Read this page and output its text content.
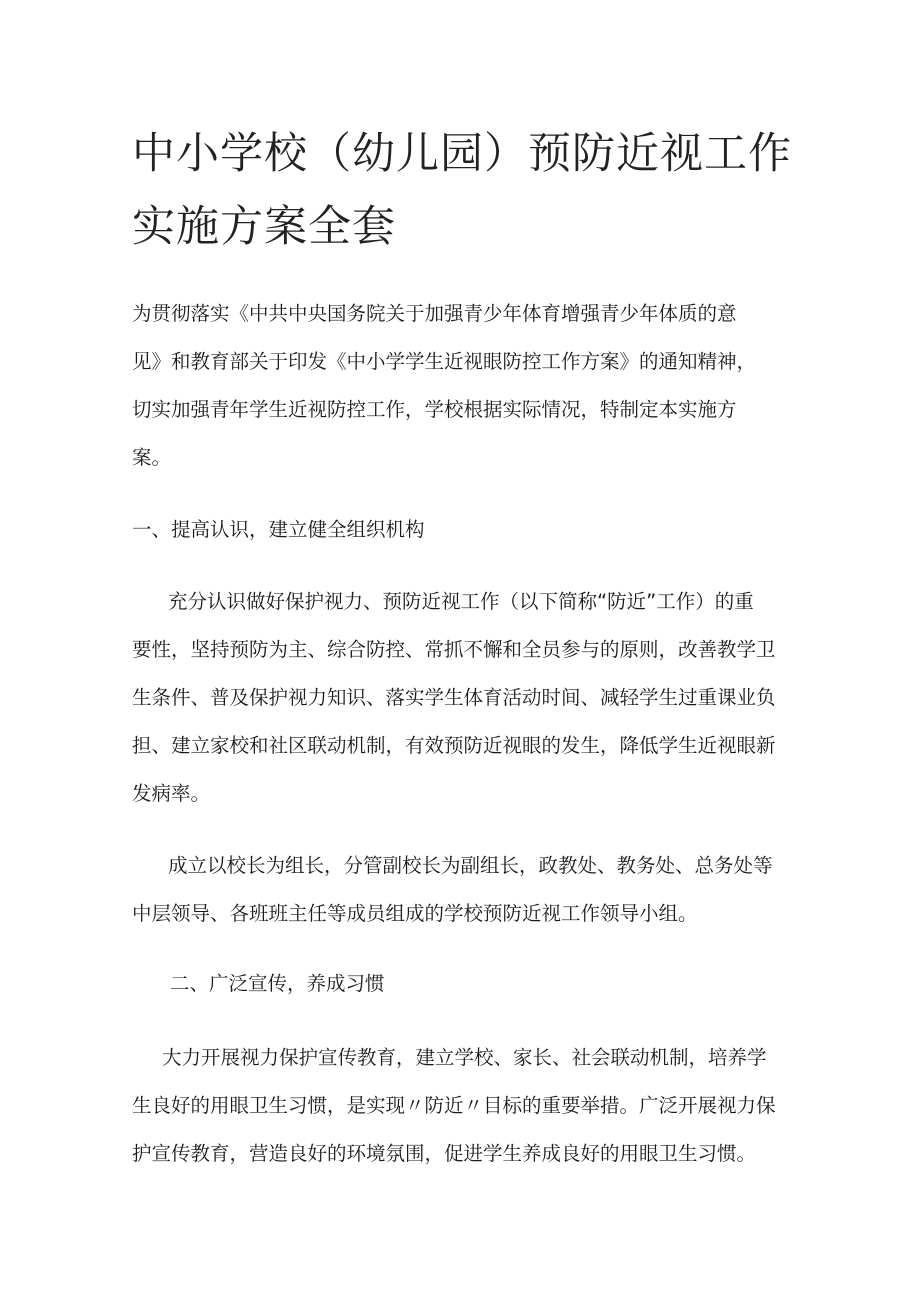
中小学校（幼儿园）预防近视工作
实施方案全套

为贯彻落实《中共中央国务院关于加强青少年体育增强青少年体质的意
见》和教育部关于印发《中小学学生近视眼防控工作方案》的通知精神，
切实加强青年学生近视防控工作，学校根据实际情况，特制定本实施方
案。

一、提高认识，建立健全组织机构

充分认识做好保护视力、预防近视工作（以下简称“防近”工作）的重
要性，坚持预防为主、综合防控、常抓不懈和全员参与的原则，改善教学卫
生条件、普及保护视力知识、落实学生体育活动时间、减轻学生过重课业负
担、建立家校和社区联动机制，有效预防近视眼的发生，降低学生近视眼新
发病率。

成立以校长为组长，分管副校长为副组长，政教处、教务处、总务处等
中层领导、各班班主任等成员组成的学校预防近视工作领导小组。

二、广泛宣传，养成习惯

大力开展视力保护宣传教育，建立学校、家长、社会联动机制，培养学
生良好的用眼卫生习惯，是实现〃防近〃目标的重要举措。广泛开展视力保
护宣传教育，营造良好的环境氛围，促进学生养成良好的用眼卫生习惯。
